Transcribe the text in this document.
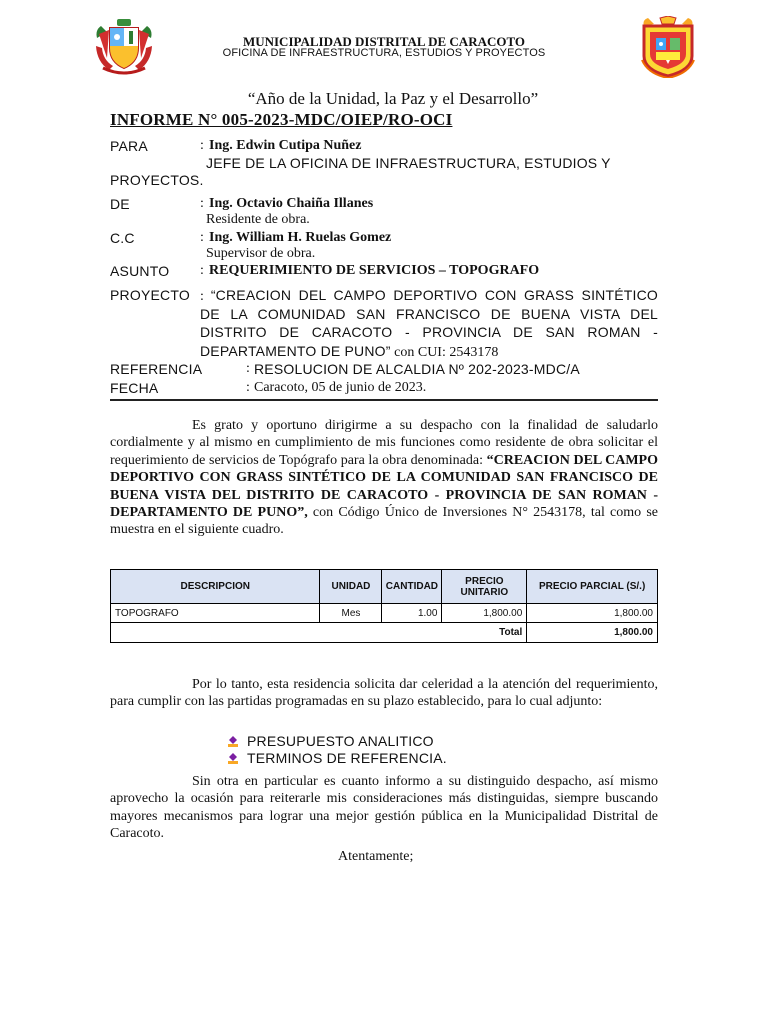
MUNICIPALIDAD DISTRITAL DE CARACOTO
OFICINA DE INFRAESTRUCTURA, ESTUDIOS Y PROYECTOS
“Año de la Unidad, la Paz y el Desarrollo”
INFORME N° 005-2023-MDC/OIEP/RO-OCI
PARA	: Ing. Edwin Cutipa Nuñez
JEFE DE LA OFICINA DE INFRAESTRUCTURA, ESTUDIOS Y
PROYECTOS.
DE	: Ing. Octavio Chaiña Illanes
Residente de obra.
C.C	: Ing. William H. Ruelas Gomez
Supervisor de obra.
ASUNTO : REQUERIMIENTO DE SERVICIOS – TOPOGRAFO
PROYECTO : “CREACION DEL CAMPO DEPORTIVO CON GRASS SINTÉTICO DE LA COMUNIDAD SAN FRANCISCO DE BUENA VISTA DEL DISTRITO DE CARACOTO - PROVINCIA DE SAN ROMAN - DEPARTAMENTO DE PUNO” con CUI: 2543178
REFERENCIA	: RESOLUCION DE ALCALDIA Nº 202-2023-MDC/A
FECHA	: Caracoto, 05 de junio de 2023.
Es grato y oportuno dirigirme a su despacho con la finalidad de saludarlo cordialmente y al mismo en cumplimiento de mis funciones como residente de obra solicitar el requerimiento de servicios de Topógrafo para la obra denominada: “CREACION DEL CAMPO DEPORTIVO CON GRASS SINTÉTICO DE LA COMUNIDAD SAN FRANCISCO DE BUENA VISTA DEL DISTRITO DE CARACOTO - PROVINCIA DE SAN ROMAN - DEPARTAMENTO DE PUNO”, con Código Único de Inversiones N° 2543178, tal como se muestra en el siguiente cuadro.
DESCRIPCION	UNIDAD	CANTIDAD	PRECIO UNITARIO	PRECIO PARCIAL (S/.)
TOPOGRAFO	Mes	1.00	1,800.00	1,800.00
Total				1,800.00
Por lo tanto, esta residencia solicita dar celeridad a la atención del requerimiento, para cumplir con las partidas programadas en su plazo establecido, para lo cual adjunto:
PRESUPUESTO ANALITICO
TERMINOS DE REFERENCIA.
Sin otra en particular es cuanto informo a su distinguido despacho, así mismo aprovecho la ocasión para reiterarle mis consideraciones más distinguidas, siempre buscando mayores mecanismos para lograr una mejor gestión pública en la Municipalidad Distrital de Caracoto.
Atentamente;
